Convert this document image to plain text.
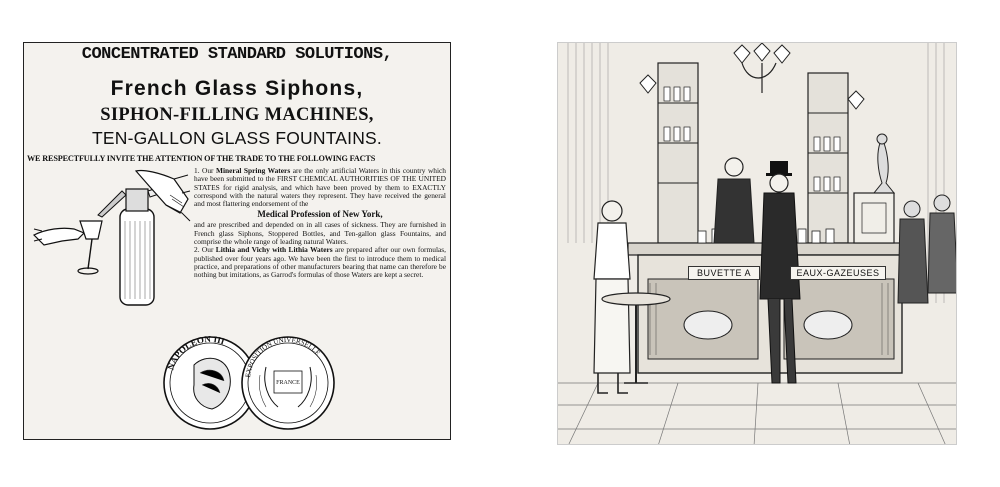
CONCENTRATED STANDARD SOLUTIONS,
French Glass Siphons,
SIPHON-FILLING MACHINES,
TEN-GALLON GLASS FOUNTAINS.
WE RESPECTFULLY INVITE THE ATTENTION OF THE TRADE TO THE FOLLOWING FACTS

1. Our Mineral Spring Waters are the only artificial Waters in this country which have been submitted to the FIRST CHEMICAL AUTHORITIES OF THE UNITED STATES for rigid analysis, and which have been proved by them to EXACTLY correspond with the natural waters they represent. They have received the general and most flattering endorsement of the

Medical Profession of New York,

and are prescribed and depended on in all cases of sickness. They are furnished in French glass Siphons, Stoppered Bottles, and Ten-gallon glass Fountains, and comprise the whole range of leading natural Waters.

2. Our Lithia and Vichy with Lithia Waters are prepared after our own formulas, published over four years ago. We have been the first to introduce them to medical practice, and preparations of other manufacturers bearing that name can therefore be nothing but imitations, as Garrod's formulas of those Waters are kept a secret.

NAPOLEON III
EXPOSITION UNIVERSELLE
FRANCE
BUVETTE A	EAUX-GAZEUSES
